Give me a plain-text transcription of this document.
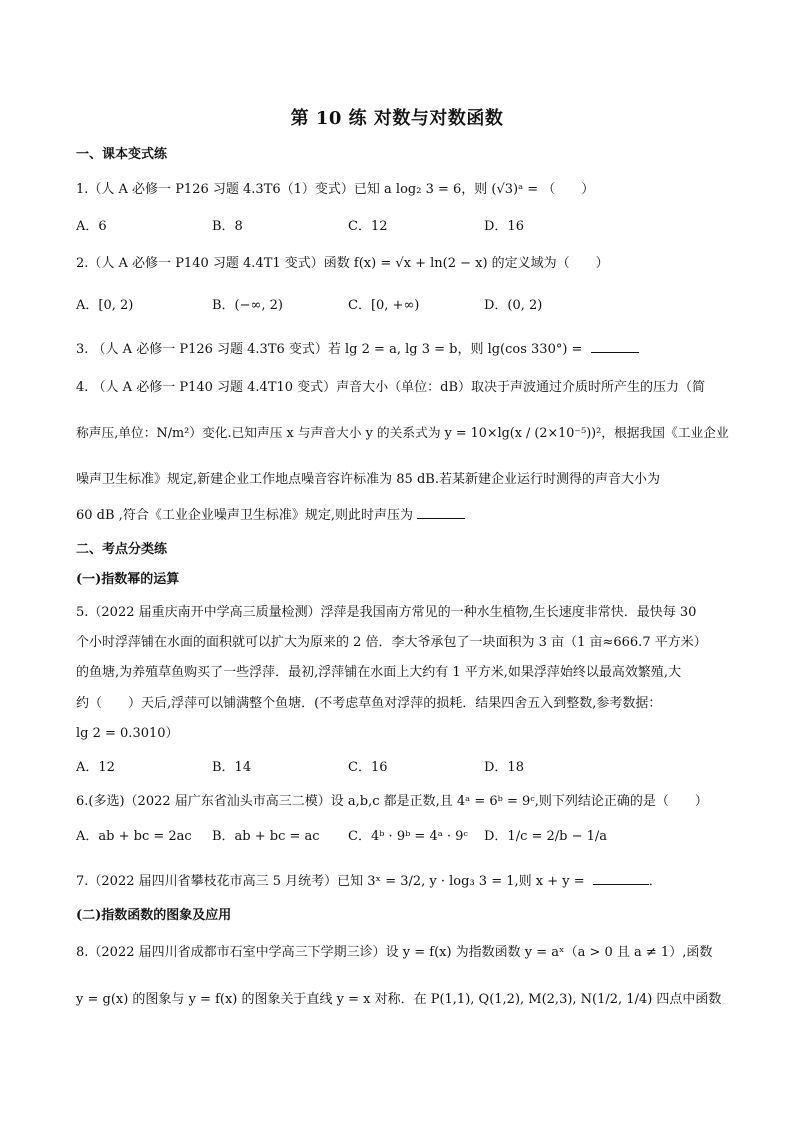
第 10 练 对数与对数函数
一、课本变式练
1.（人 A 必修一 P126 习题 4.3T6（1）变式）已知 a log₂ 3 = 6，则 (√3)ᵃ = （　　）
A．6	B．8	C．12	D．16
2.（人 A 必修一 P140 习题 4.4T1 变式）函数 f(x) = √x + ln(2 − x) 的定义域为（　　）
A．[0, 2)	B．(−∞, 2)	C．[0, +∞)	D．(0, 2)
3. （人 A 必修一 P126 习题 4.3T6 变式）若 lg 2 = a, lg 3 = b，则 lg(cos 330°) =
4. （人 A 必修一 P140 习题 4.4T10 变式）声音大小（单位：dB）取决于声波通过介质时所产生的压力（简
称声压,单位：N/m²）变化.已知声压 x 与声音大小 y 的关系式为 y = 10×lg(x / (2×10⁻⁵))²，根据我国《工业企业
噪声卫生标准》规定,新建企业工作地点噪音容许标准为 85 dB.若某新建企业运行时测得的声音大小为
60 dB ,符合《工业企业噪声卫生标准》规定,则此时声压为
二、考点分类练
(一)指数幂的运算
5.（2022 届重庆南开中学高三质量检测）浮萍是我国南方常见的一种水生植物,生长速度非常快．最快每 30
个小时浮萍铺在水面的面积就可以扩大为原来的 2 倍．李大爷承包了一块面积为 3 亩（1 亩≈666.7 平方米）
的鱼塘,为养殖草鱼购买了一些浮萍．最初,浮萍铺在水面上大约有 1 平方米,如果浮萍始终以最高效繁殖,大
约（　　）天后,浮萍可以铺满整个鱼塘．(不考虑草鱼对浮萍的损耗．结果四舍五入到整数,参考数据：
lg 2 = 0.3010）
A．12	B．14	C．16	D．18
6.(多选)（2022 届广东省汕头市高三二模）设 a,b,c 都是正数,且 4ᵃ = 6ᵇ = 9ᶜ,则下列结论正确的是（　　）
A．ab + bc = 2ac B．ab + bc = ac C．4ᵇ · 9ᵇ = 4ᵃ · 9ᶜ D．1/c = 2/b − 1/a
7.（2022 届四川省攀枝花市高三 5 月统考）已知 3ˣ = 3/2, y · log₃ 3 = 1,则 x + y =	．
(二)指数函数的图象及应用
8.（2022 届四川省成都市石室中学高三下学期三诊）设 y = f(x) 为指数函数 y = aˣ（a > 0 且 a ≠ 1）,函数
y = g(x) 的图象与 y = f(x) 的图象关于直线 y = x 对称．在 P(1,1), Q(1,2), M(2,3), N(1/2, 1/4) 四点中函数
